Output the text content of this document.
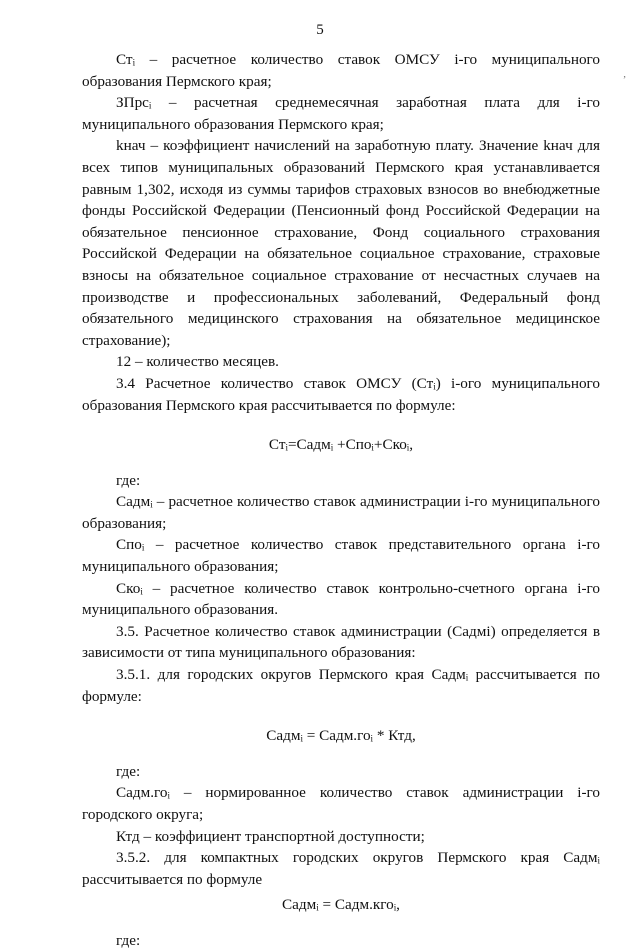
5
,

Стᵢ – расчетное количество ставок ОМСУ i-го муниципального образования Пермского края;

ЗПрсᵢ – расчетная среднемесячная заработная плата для i-го муниципального образования Пермского края;

kнач – коэффициент начислений на заработную плату. Значение kнач для всех типов муниципальных образований Пермского края устанавливается равным 1,302, исходя из суммы тарифов страховых взносов во внебюджетные фонды Российской Федерации (Пенсионный фонд Российской Федерации на обязательное пенсионное страхование, Фонд социального страхования Российской Федерации на обязательное социальное страхование, страховые взносы на обязательное социальное страхование от несчастных случаев на производстве и профессиональных заболеваний, Федеральный фонд обязательного медицинского страхования на обязательное медицинское страхование);

12 – количество месяцев.

3.4 Расчетное количество ставок ОМСУ (Стᵢ) i-ого муниципального образования Пермского края рассчитывается по формуле:

Стᵢ=Садмᵢ +Споᵢ+Скоᵢ,

где:

Садмᵢ – расчетное количество ставок администрации i-го муниципального образования;

Споᵢ – расчетное количество ставок представительного органа i-го муниципального образования;

Скоᵢ – расчетное количество ставок контрольно-счетного органа i-го муниципального образования.

3.5. Расчетное количество ставок администрации (Садмi) определяется в зависимости от типа муниципального образования:

3.5.1. для городских округов Пермского края Садмᵢ рассчитывается по формуле:

Садмᵢ = Садм.гоᵢ * Ктд,

где:

Садм.гоᵢ – нормированное количество ставок администрации i-го городского округа;

Ктд – коэффициент транспортной доступности;

3.5.2. для компактных городских округов Пермского края Садмᵢ рассчитывается по формуле

Садмᵢ = Садм.кгоᵢ,

где:
